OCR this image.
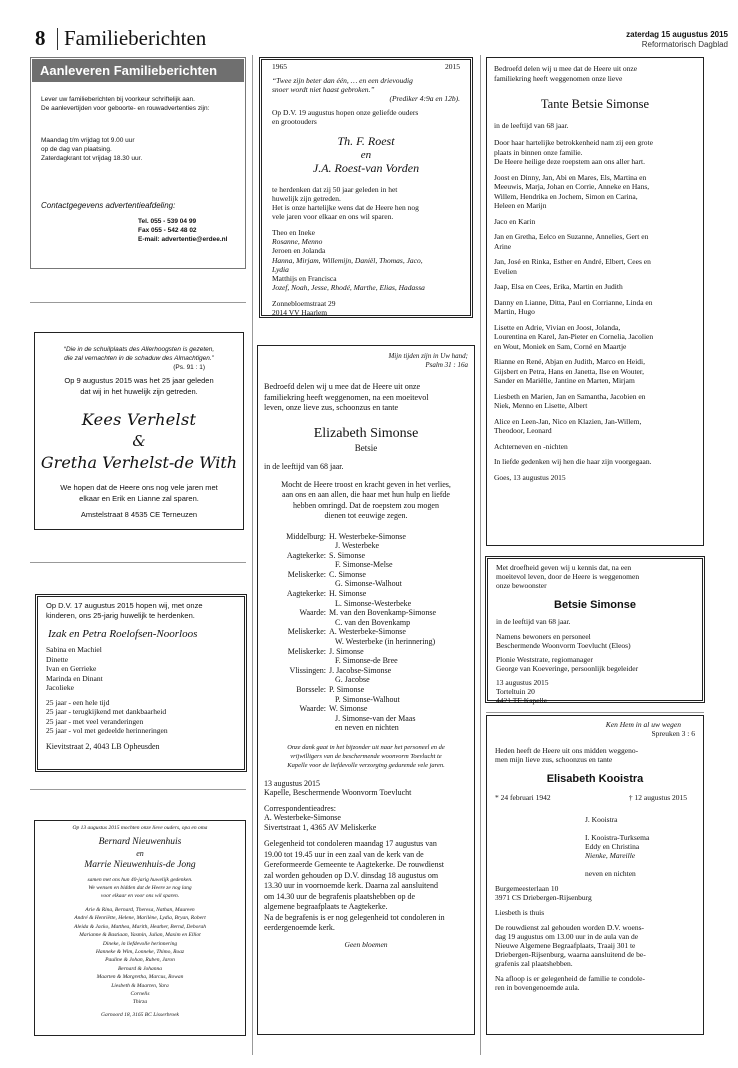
8 Familieberichten	zaterdag 15 augustus 2015
Reformatorisch Dagblad
Aanleveren Familieberichten
Lever uw familieberichten bij voorkeur schriftelijk aan.
De aanlevertijden voor geboorte- en rouwadvertenties zijn:
Maandag t/m vrijdag tot 9.00 uur
op de dag van plaatsing.
Zaterdagkrant tot vrijdag 18.30 uur.
Contactgegevens advertentieafdeling:
Tel. 055 - 539 04 99
Fax 055 - 542 48 02
E-mail: advertentie@erdee.nl
“Die in de schuilplaats des Allerhoogsten is gezeten,
die zal vernachten in de schaduw des Almachtigen.”
(Ps. 91 : 1)
Op 9 augustus 2015 was het 25 jaar geleden
dat wij in het huwelijk zijn getreden.
Kees Verhelst
&
Gretha Verhelst-de With
We hopen dat de Heere ons nog vele jaren met
elkaar en Erik en Lianne zal sparen.
Amstelstraat 8 4535 CE Terneuzen
Op D.V. 17 augustus 2015 hopen wij, met onze
kinderen, ons 25-jarig huwelijk te herdenken.
Izak en Petra Roelofsen-Noorloos
Sabina en Machiel
Dinette
Ivan en Gerrieke
Marinda en Dinant
Jacolieke
25 jaar - een hele tijd
25 jaar - terugkijkend met dankbaarheid
25 jaar - met veel veranderingen
25 jaar - vol met gedeelde herinneringen
Kievitstraat 2, 4043 LB Opheusden
Op 13 augustus 2015 mochten onze lieve ouders, opa en oma
Bernard Nieuwenhuis
en
Marrie Nieuwenhuis-de Jong
samen met ons hun 40-jarig huwelijk gedenken.
We wensen en bidden dat de Heere ze nog lang
voor elkaar en voor ons wil sparen.
Arie & Rina, Bernard, Theresa, Nathan, Maureen
André & Henriëtte, Helene, Marilène, Lydia, Bryan, Robert
Aleida & Jacko, Matthea, Marith, Heather, Bernd, Deborah
Marianne & Bastiaan, Yasmin, Julian, Maxim en Elliot
Dineke, in liefdevolle herinnering
Hanneke & Wim, Lonneke, Thimo, Roaz
Pauline & Johan, Ruben, Jaron
Bernard & Johanna
Maarten & Margretha, Marcus, Rowan
Liesbeth & Maarten, Yara
Cornelis
Thirza
Garnoord 18, 3165 BC Lisserbroek
1965	2015
“Twee zijn beter dan één, … en een drievoudig
snoer wordt niet haast gebroken.”
(Prediker 4:9a en 12b).
Op D.V. 19 augustus hopen onze geliefde ouders
en grootouders
Th. F. Roest
en
J.A. Roest-van Vorden
te herdenken dat zij 50 jaar geleden in het
huwelijk zijn getreden.
Het is onze hartelijke wens dat de Heere hen nog
vele jaren voor elkaar en ons wil sparen.
Theo en Ineke
Rosanne, Menno
Jeroen en Jolanda
Hanna, Mirjam, Willemijn, Daniël, Thomas, Jaco,
Lydia
Matthijs en Francisca
Jozef, Noah, Jesse, Rhodé, Marthe, Elias, Hadassa
Zonnebloemstraat 29
2014 VV Haarlem
Mijn tijden zijn in Uw hand;
Psalm 31 : 16a
Bedroefd delen wij u mee dat de Heere uit onze
familiekring heeft weggenomen, na een moeitevol
leven, onze lieve zus, schoonzus en tante
Elizabeth Simonse
Betsie
in de leeftijd van 68 jaar.
Mocht de Heere troost en kracht geven in het verlies,
aan ons en aan allen, die haar met hun hulp en liefde
hebben omringd. Dat de roepstem zou mogen
dienen tot eeuwige zegen.
Middelburg: H. Westerbeke-Simonse
J. Westerbeke
Aagtekerke: S. Simonse
F. Simonse-Melse
Meliskerke: C. Simonse
G. Simonse-Walhout
Aagtekerke: H. Simonse
L. Simonse-Westerbeke
Waarde: M. van den Bovenkamp-Simonse
C. van den Bovenkamp
Meliskerke: A. Westerbeke-Simonse
W. Westerbeke (in herinnering)
Meliskerke: J. Simonse
F. Simonse-de Bree
Vlissingen: J. Jacobse-Simonse
G. Jacobse
Borssele: P. Simonse
P. Simonse-Walhout
Waarde: W. Simonse
J. Simonse-van der Maas
en neven en nichten
Onze dank gaat in het bijzonder uit naar het personeel en de
vrijwilligers van de beschermende woonvorm Toevlucht te
Kapelle voor de liefdevolle verzorging gedurende vele jaren.
13 augustus 2015
Kapelle, Beschermende Woonvorm Toevlucht
Correspondentieadres:
A. Westerbeke-Simonse
Sivertstraat 1, 4365 AV Meliskerke
Gelegenheid tot condoleren maandag 17 augustus van
19.00 tot 19.45 uur in een zaal van de kerk van de
Gereformeerde Gemeente te Aagtekerke. De rouwdienst
zal worden gehouden op D.V. dinsdag 18 augustus om
13.30 uur in voornoemde kerk. Daarna zal aansluitend
om 14.30 uur de begrafenis plaatshebben op de
algemene begraafplaats te Aagtekerke.
Na de begrafenis is er nog gelegenheid tot condoleren in
eerdergenoemde kerk.
Geen bloemen
Bedroefd delen wij u mee dat de Heere uit onze
familiekring heeft weggenomen onze lieve
Tante Betsie Simonse
in de leeftijd van 68 jaar.
Door haar hartelijke betrokkenheid nam zij een grote
plaats in binnen onze familie.
De Heere heilige deze roepstem aan ons aller hart.
Joost en Dinny, Jan, Abi en Mares, Els, Martina en
Meeuwis, Marja, Johan en Corrie, Anneke en Hans,
Willem, Hendrika en Jochem, Simon en Carina,
Heleen en Marijn
Jaco en Karin
Jan en Gretha, Eelco en Suzanne, Annelies, Gert en
Arine
Jan, José en Rinka, Esther en André, Elbert, Cees en
Evelien
Jaap, Elsa en Cees, Erika, Martin en Judith
Danny en Lianne, Ditta, Paul en Corrianne, Linda en
Martin, Hugo
Lisette en Adrie, Vivian en Joost, Jolanda,
Lourentina en Karel, Jan-Pieter en Cornelia, Jacolien
en Wout, Moniek en Sam, Corné en Maartje
Rianne en René, Abjan en Judith, Marco en Heidi,
Gijsbert en Petra, Hans en Janetta, Ilse en Wouter,
Sander en Mariëlle, Jantine en Marten, Mirjam
Liesbeth en Marien, Jan en Samantha, Jacobien en
Niek, Menno en Lisette, Albert
Alice en Leen-Jan, Nico en Klazien, Jan-Willem,
Theodoor, Leonard
Achterneven en -nichten
In liefde gedenken wij hen die haar zijn voorgegaan.
Goes, 13 augustus 2015
Met droefheid geven wij u kennis dat, na een
moeitevol leven, door de Heere is weggenomen
onze bewoonster
Betsie Simonse
in de leeftijd van 68 jaar.
Namens bewoners en personeel
Beschermende Woonvorm Toevlucht (Eleos)
Plonie Weststrate, regiomanager
George van Koeveringe, persoonlijk begeleider
13 augustus 2015
Torteltuin 20
4421 TE Kapelle
Ken Hem in al uw wegen
Spreuken 3 : 6
Heden heeft de Heere uit ons midden weggeno-
men mijn lieve zus, schoonzus en tante
Elisabeth Kooistra
* 24 februari 1942	† 12 augustus 2015
J. Kooistra
I. Kooistra-Turksema
Eddy en Christina
Nienke, Mareille
neven en nichten
Burgemeesterlaan 10
3971 CS Driebergen-Rijsenburg
Liesbeth is thuis
De rouwdienst zal gehouden worden D.V. woens-
dag 19 augustus om 13.00 uur in de aula van de
Nieuwe Algemene Begraafplaats, Traaij 301 te
Driebergen-Rijsenburg, waarna aansluitend de be-
grafenis zal plaatshebben.
Na afloop is er gelegenheid de familie te condole-
ren in bovengenoemde aula.
